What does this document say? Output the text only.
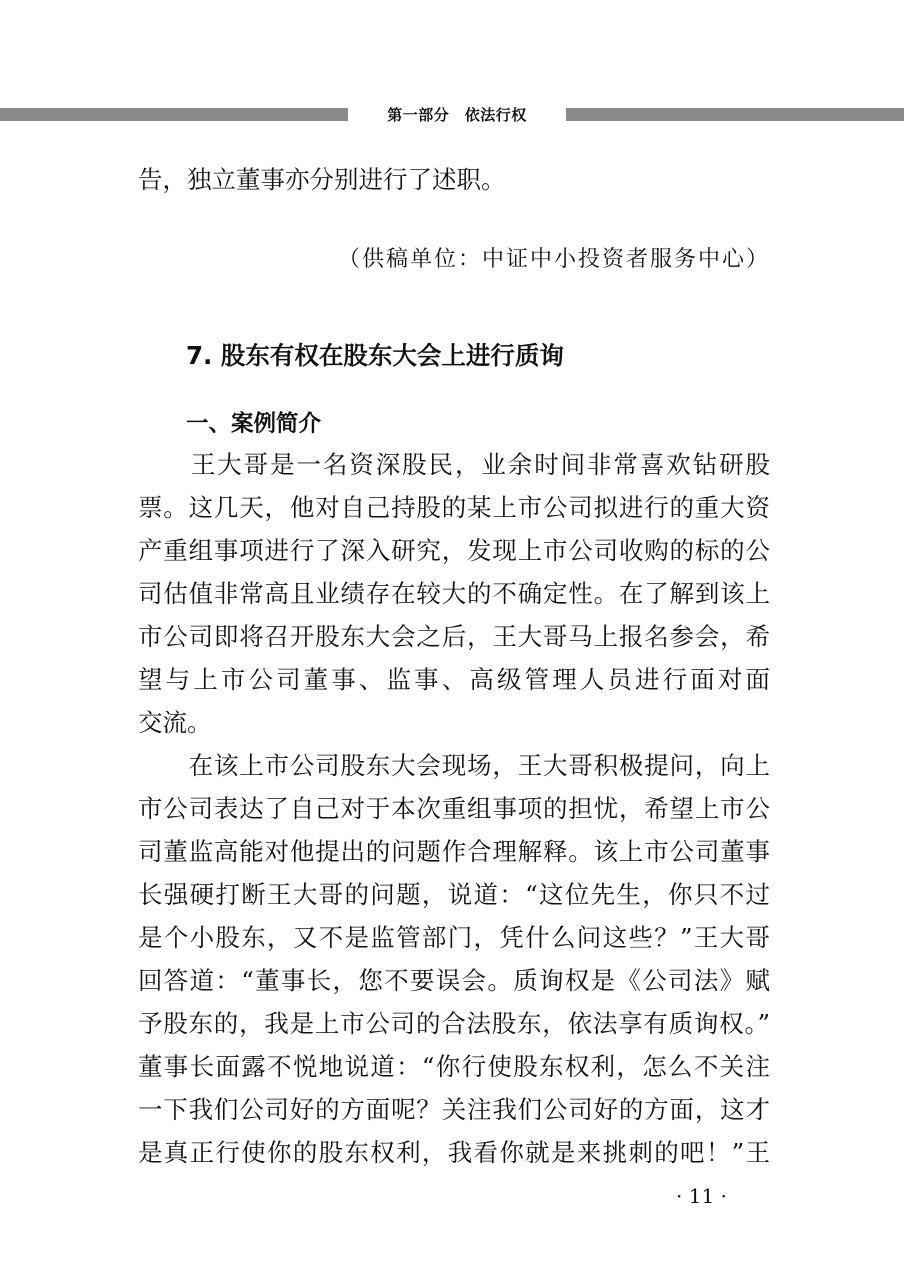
第一部分　依法行权
告，独立董事亦分别进行了述职。
（供稿单位：中证中小投资者服务中心）
7. 股东有权在股东大会上进行质询
一、案例简介
　　王大哥是一名资深股民，业余时间非常喜欢钻研股
票。这几天，他对自己持股的某上市公司拟进行的重大资
产重组事项进行了深入研究，发现上市公司收购的标的公
司估值非常高且业绩存在较大的不确定性。在了解到该上
市公司即将召开股东大会之后，王大哥马上报名参会，希
望与上市公司董事、监事、高级管理人员进行面对面
交流。
　　在该上市公司股东大会现场，王大哥积极提问，向上
市公司表达了自己对于本次重组事项的担忧，希望上市公
司董监高能对他提出的问题作合理解释。该上市公司董事
长强硬打断王大哥的问题，说道：“这位先生，你只不过
是个小股东，又不是监管部门，凭什么问这些？”王大哥
回答道：“董事长，您不要误会。质询权是《公司法》赋
予股东的，我是上市公司的合法股东，依法享有质询权。”
董事长面露不悦地说道：“你行使股东权利，怎么不关注
一下我们公司好的方面呢？关注我们公司好的方面，这才
是真正行使你的股东权利，我看你就是来挑刺的吧！”王
· 11 ·
